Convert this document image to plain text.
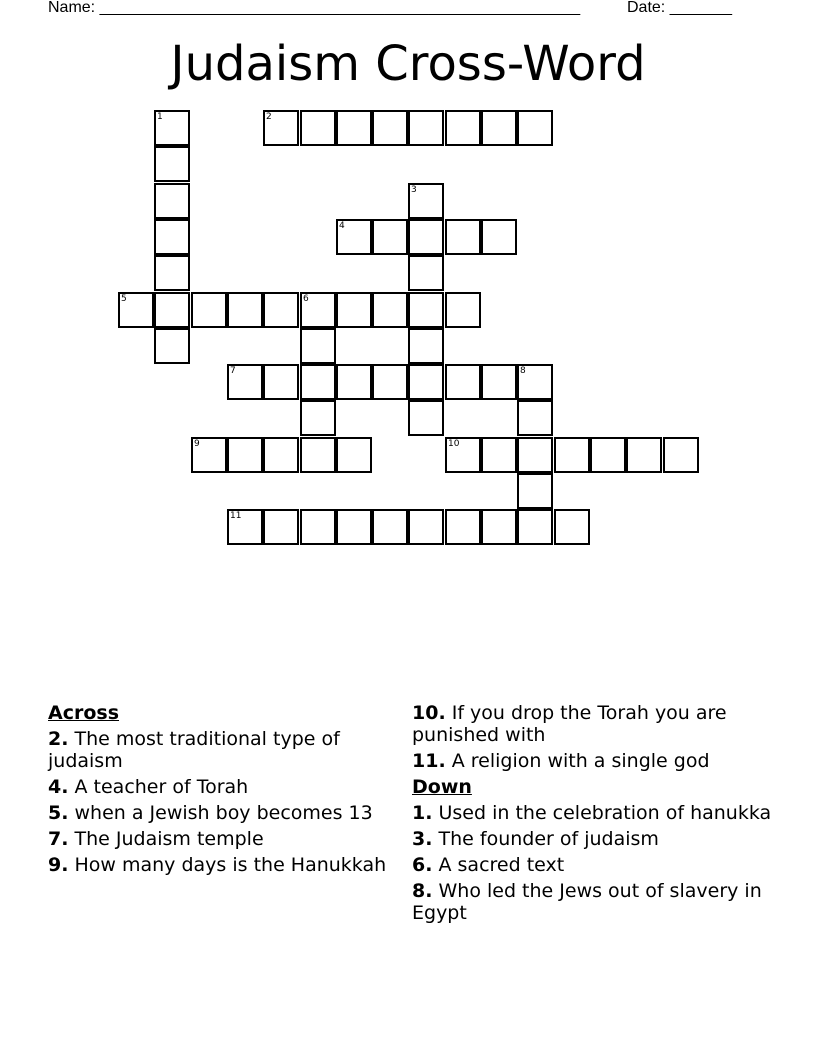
Name: ______________________________________________________	Date: _______
Judaism Cross-Word
1	2
3
4
5	6
7	8
9	10
11
Across
2. The most traditional type of judaism
4. A teacher of Torah
5. when a Jewish boy becomes 13
7. The Judaism temple
9. How many days is the Hanukkah
10. If you drop the Torah you are punished with
11. A religion with a single god
Down
1. Used in the celebration of hanukka
3. The founder of judaism
6. A sacred text
8. Who led the Jews out of slavery in Egypt
